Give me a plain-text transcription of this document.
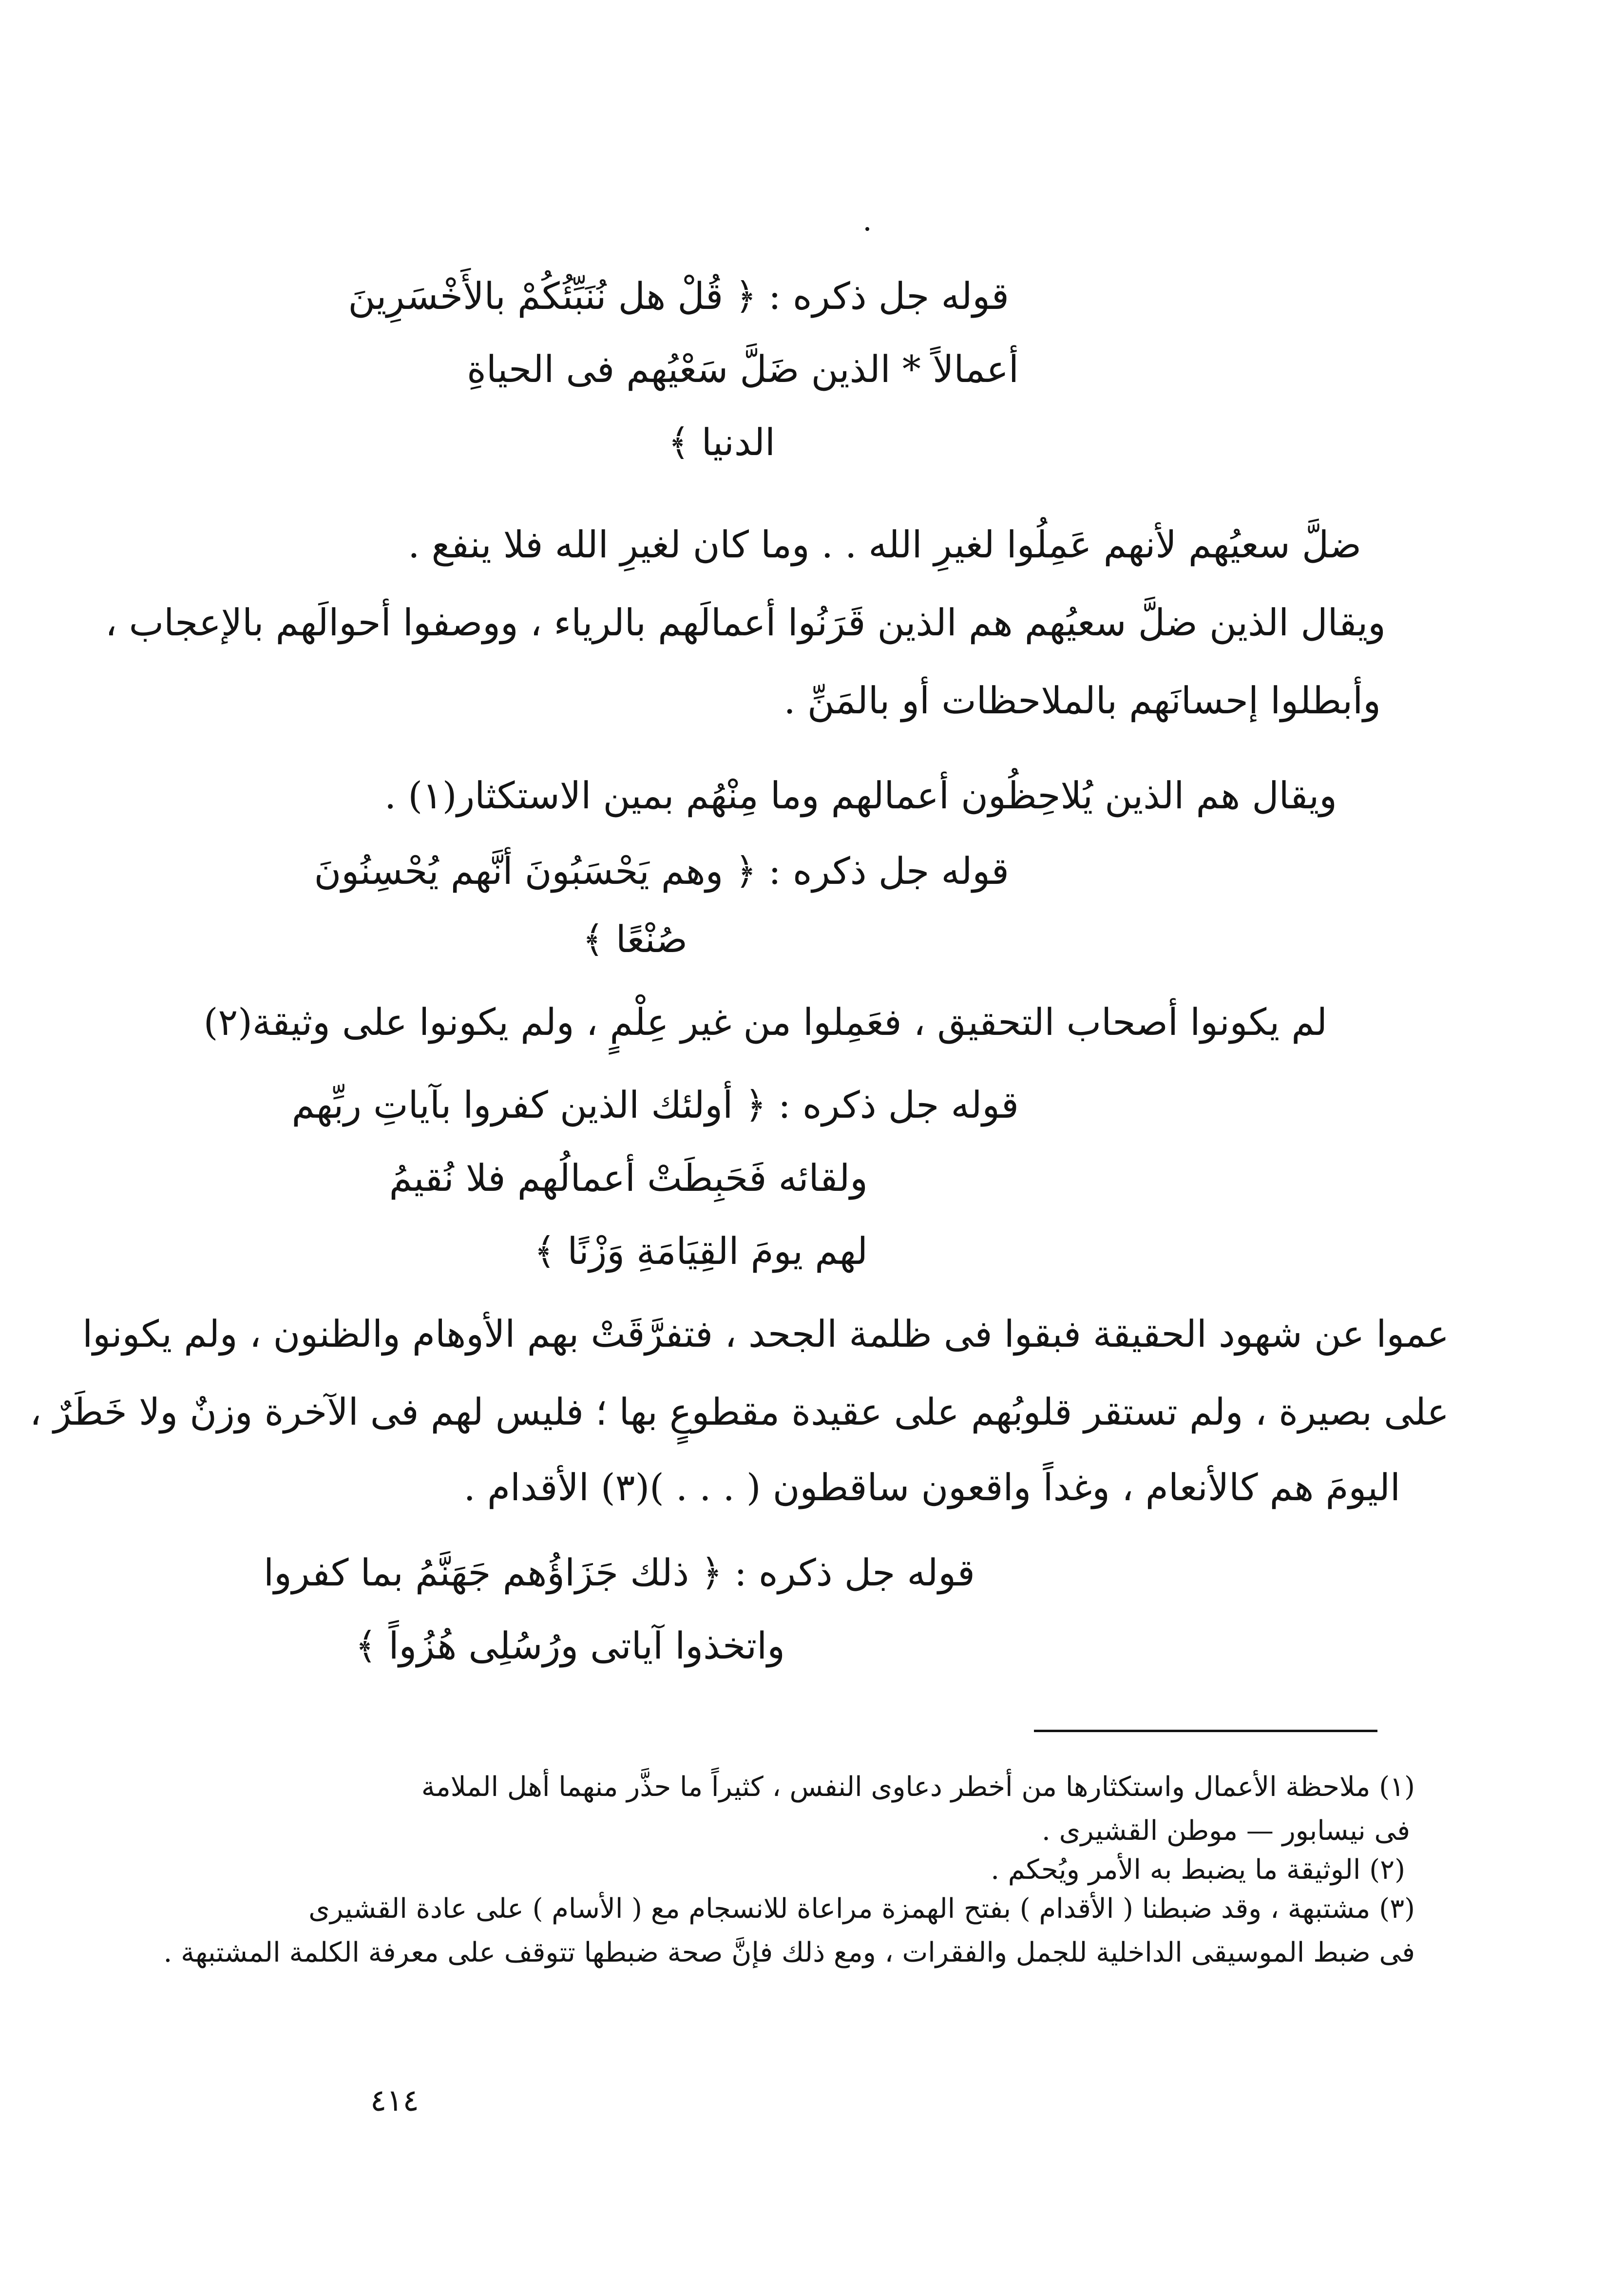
قوله جل ذكره : ﴿ قُلْ هل نُنَبِّئُكُمْ بالأَخْسَرِينَ

أعمالاً * الذين ضَلَّ سَعْيُهم فى الحياةِ

الدنيا ﴾

ضلَّ سعيُهم لأنهم عَمِلُوا لغيرِ الله . . وما كان لغيرِ الله فلا ينفع .

ويقال الذين ضلَّ سعيُهم هم الذين قَرَنُوا أعمالَهم بالرياء ، ووصفوا أحوالَهم بالإعجاب ،

وأبطلوا إحسانَهم بالملاحظات أو بالمَنِّ .

ويقال هم الذين يُلاحِظُون أعمالهم وما مِنْهُم بمين الاستكثار(١) .

قوله جل ذكره : ﴿ وهم يَحْسَبُونَ أنَّهم يُحْسِنُونَ

صُنْعًا ﴾

لم يكونوا أصحاب التحقيق ، فعَمِلوا من غير عِلْمٍ ، ولم يكونوا على وثيقة(٢)

قوله جل ذكره : ﴿ أولئك الذين كفروا بآياتِ ربِّهم

ولقائه فَحَبِطَتْ أعمالُهم فلا نُقيمُ

لهم يومَ القِيَامَةِ وَزْنًا ﴾

عموا عن شهود الحقيقة فبقوا فى ظلمة الجحد ، فتفرَّقَتْ بهم الأوهام والظنون ، ولم يكونوا

على بصيرة ، ولم تستقر قلوبُهم على عقيدة مقطوعٍ بها ؛ فليس لهم فى الآخرة وزنٌ ولا خَطَرٌ ،

اليومَ هم كالأنعام ، وغداً واقعون ساقطون ( . . . )(٣) الأقدام .

قوله جل ذكره : ﴿ ذلك جَزَاؤُهم جَهَنَّمُ بما كفروا

واتخذوا آياتى ورُسُلِى هُزُواً ﴾

(١) ملاحظة الأعمال واستكثارها من أخطر دعاوى النفس ، كثيراً ما حذَّر منهما أهل الملامة

فى نيسابور — موطن القشيرى .

(٢) الوثيقة ما يضبط به الأمر ويُحكم .

(٣) مشتبهة ، وقد ضبطنا ( الأقدام ) بفتح الهمزة مراعاة للانسجام مع ( الأسام ) على عادة القشيرى

فى ضبط الموسيقى الداخلية للجمل والفقرات ، ومع ذلك فإنَّ صحة ضبطها تتوقف على معرفة الكلمة المشتبهة .

٤١٤
